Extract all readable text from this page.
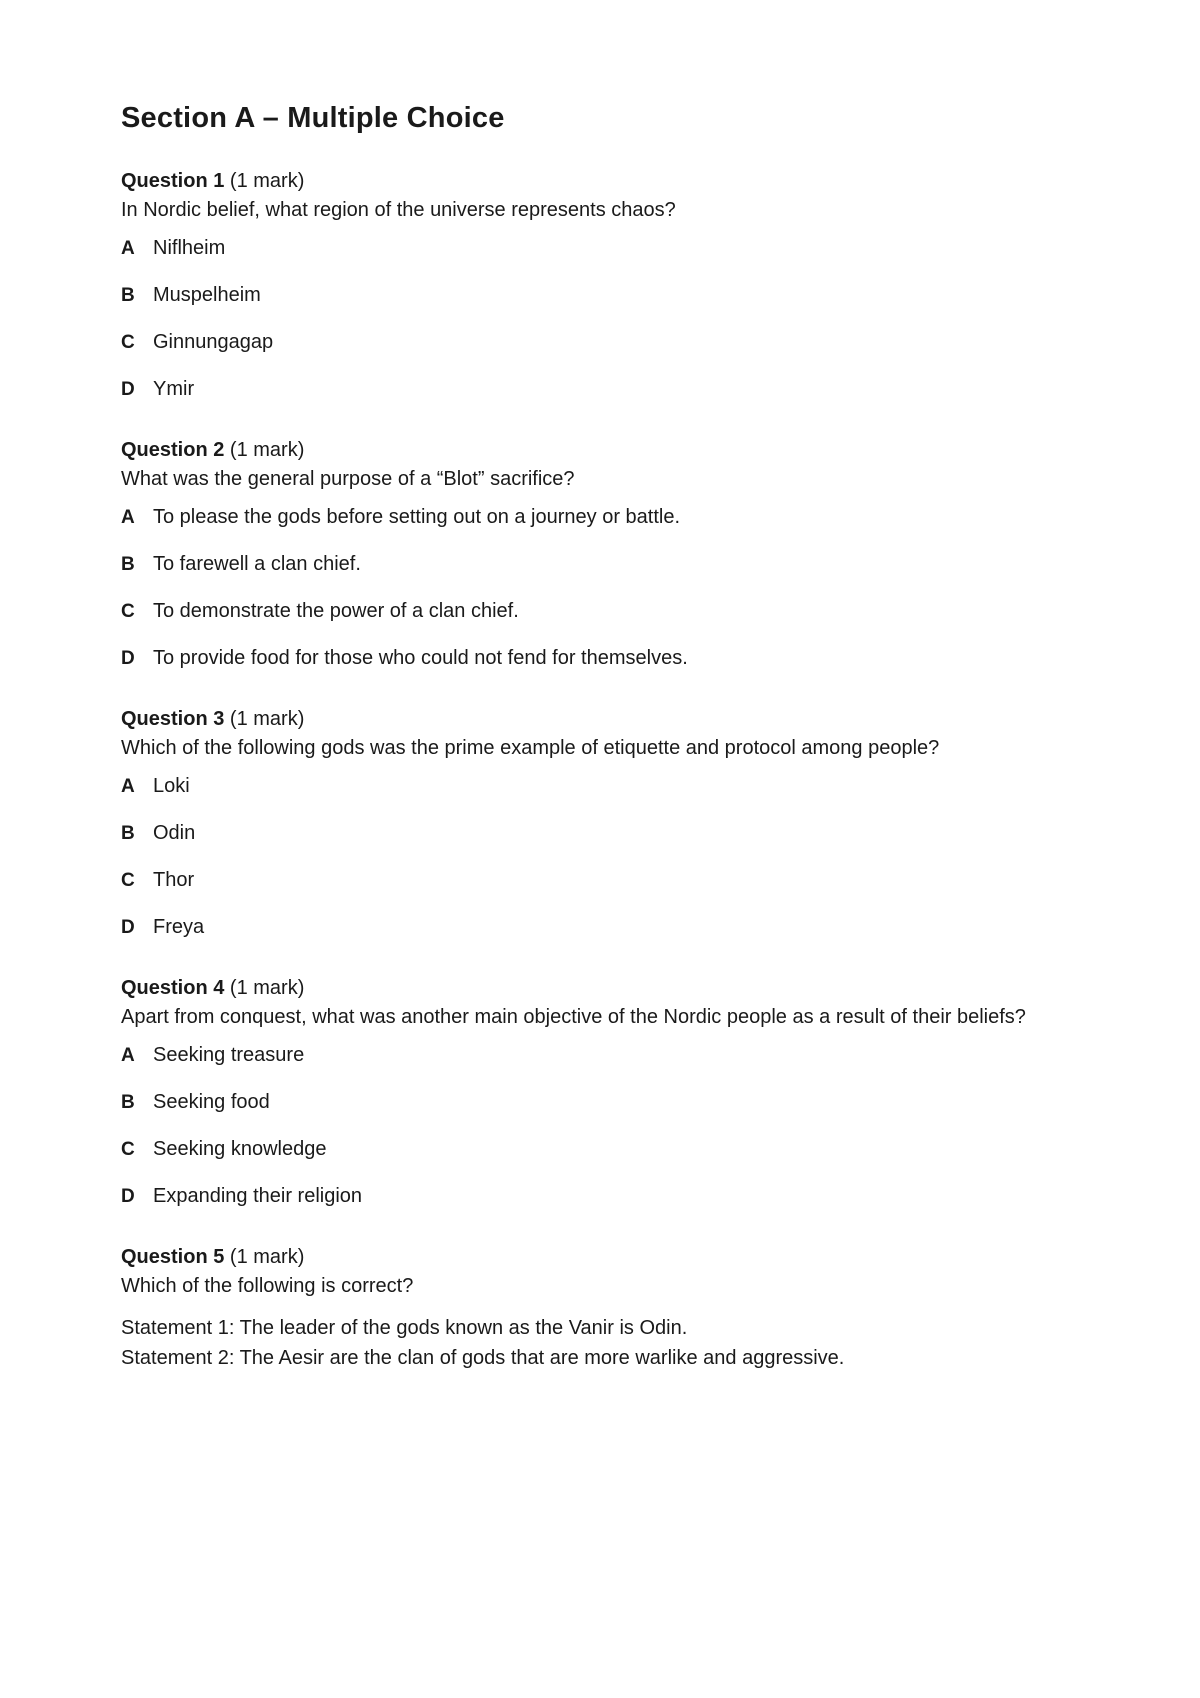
Section A – Multiple Choice
Question 1 (1 mark)
In Nordic belief, what region of the universe represents chaos?
A Niflheim
B Muspelheim
C Ginnungagap
D Ymir
Question 2 (1 mark)
What was the general purpose of a “Blot” sacrifice?
A To please the gods before setting out on a journey or battle.
B To farewell a clan chief.
C To demonstrate the power of a clan chief.
D To provide food for those who could not fend for themselves.
Question 3 (1 mark)
Which of the following gods was the prime example of etiquette and protocol among people?
A Loki
B Odin
C Thor
D Freya
Question 4 (1 mark)
Apart from conquest, what was another main objective of the Nordic people as a result of their beliefs?
A Seeking treasure
B Seeking food
C Seeking knowledge
D Expanding their religion
Question 5 (1 mark)
Which of the following is correct?
Statement 1: The leader of the gods known as the Vanir is Odin.
Statement 2: The Aesir are the clan of gods that are more warlike and aggressive.
